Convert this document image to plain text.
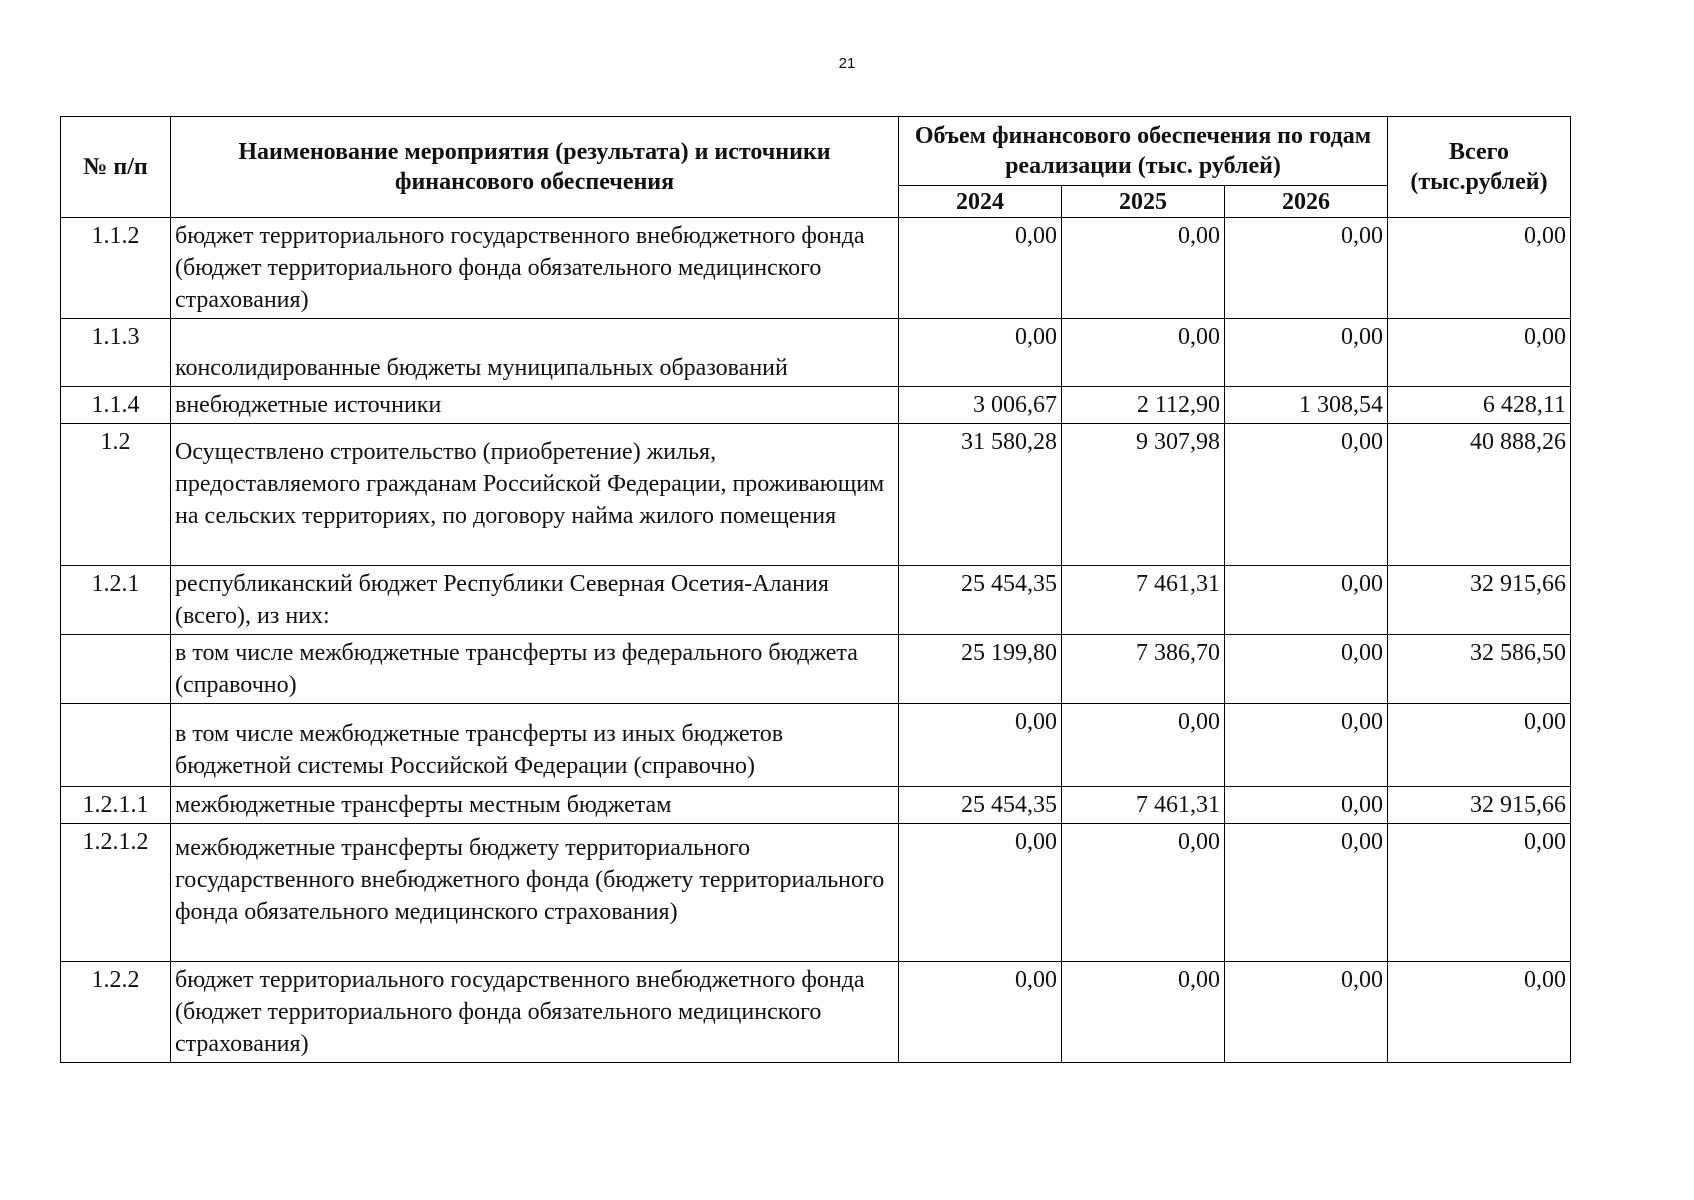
21
№ п/п	Наименование мероприятия (результата) и источники финансового обеспечения	Объем финансового обеспечения по годам реализации (тыс. рублей)			Всего (тыс.рублей)
		2024	2025	2026	
1.1.2	бюджет территориального государственного внебюджетного фонда (бюджет территориального фонда обязательного медицинского страхования)	0,00	0,00	0,00	0,00
1.1.3	консолидированные бюджеты муниципальных образований	0,00	0,00	0,00	0,00
1.1.4	внебюджетные источники	3 006,67	2 112,90	1 308,54	6 428,11
1.2	Осуществлено строительство (приобретение) жилья, предоставляемого гражданам Российской Федерации, проживающим на сельских территориях, по договору найма жилого помещения	31 580,28	9 307,98	0,00	40 888,26
1.2.1	республиканский бюджет Республики Северная Осетия-Алания (всего), из них:	25 454,35	7 461,31	0,00	32 915,66
	в том числе межбюджетные трансферты из федерального бюджета (справочно)	25 199,80	7 386,70	0,00	32 586,50
	в том числе межбюджетные трансферты из иных бюджетов бюджетной системы Российской Федерации (справочно)	0,00	0,00	0,00	0,00
1.2.1.1	межбюджетные трансферты местным бюджетам	25 454,35	7 461,31	0,00	32 915,66
1.2.1.2	межбюджетные трансферты бюджету территориального государственного внебюджетного фонда (бюджету территориального фонда обязательного медицинского страхования)	0,00	0,00	0,00	0,00
1.2.2	бюджет территориального государственного внебюджетного фонда (бюджет территориального фонда обязательного медицинского страхования)	0,00	0,00	0,00	0,00
